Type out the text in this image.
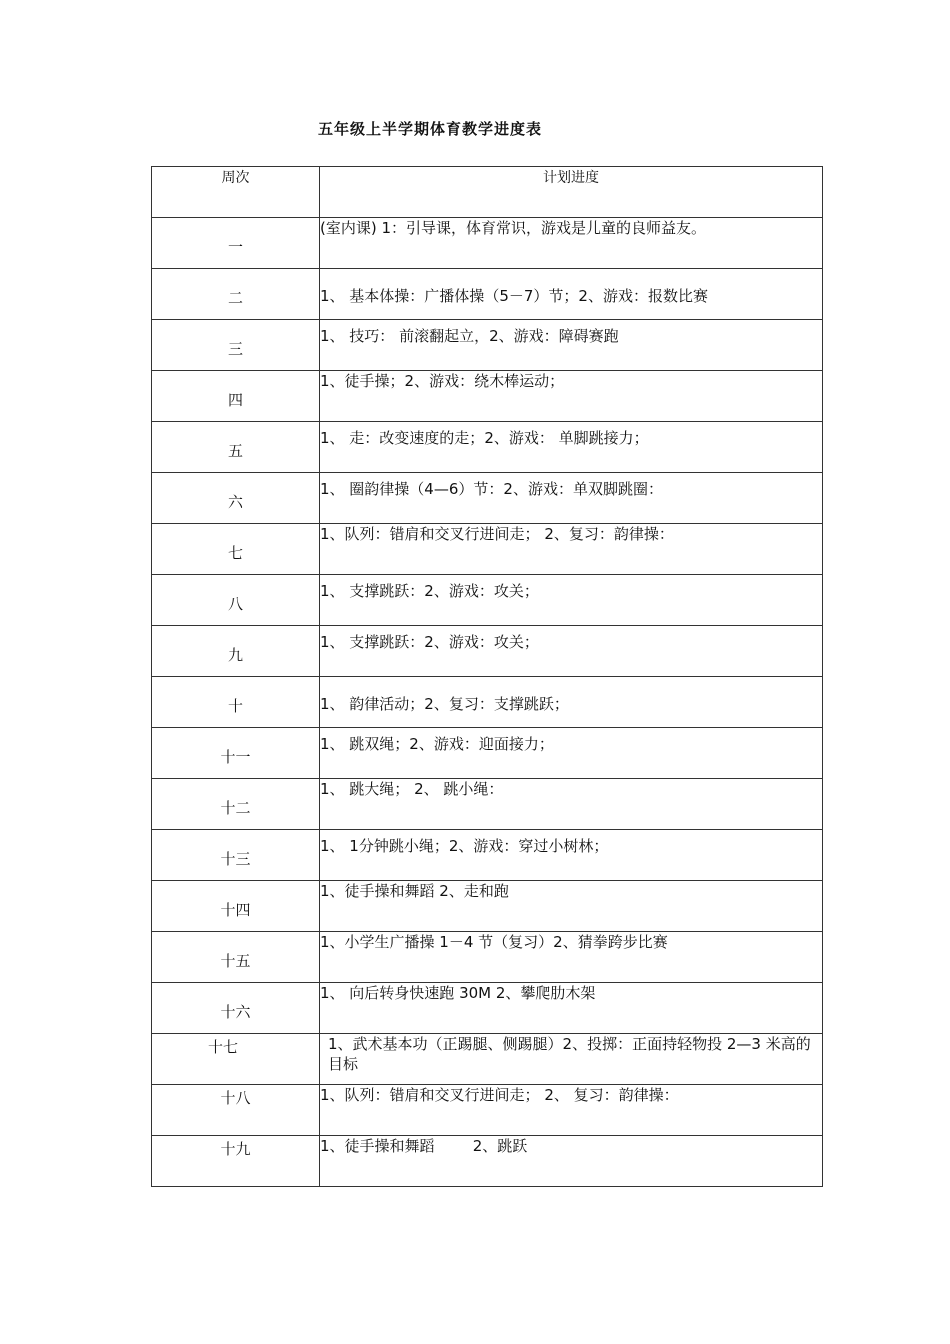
五年级上半学期体育教学进度表
周次	计划进度
一	(室内课) 1：引导课，体育常识，游戏是儿童的良师益友。
二	1、 基本体操：广播体操（5－7）节；2、游戏：报数比赛
三	1、 技巧： 前滚翻起立，2、游戏：障碍赛跑
四	1、徒手操；2、游戏：绕木棒运动；
五	1、 走：改变速度的走；2、游戏： 单脚跳接力；
六	1、 圈韵律操（4—6）节：2、游戏：单双脚跳圈：
七	1、队列：错肩和交叉行进间走； 2、复习：韵律操：
八	1、 支撑跳跃：2、游戏：攻关；
九	1、 支撑跳跃：2、游戏：攻关；
十	1、 韵律活动；2、复习：支撑跳跃；
十一	1、 跳双绳；2、游戏：迎面接力；
十二	1、 跳大绳； 2、 跳小绳：
十三	1、 1分钟跳小绳；2、游戏：穿过小树林；
十四	1、徒手操和舞蹈 2、走和跑
十五	1、小学生广播操 1－4 节（复习）2、猜拳跨步比赛
十六	1、 向后转身快速跑 30M 2、攀爬肋木架
十七	1、武术基本功（正踢腿、侧踢腿）2、投掷：正面持轻物投 2—3 米高的目标
十八	1、队列：错肩和交叉行进间走； 2、 复习：韵律操：
十九	1、徒手操和舞蹈        2、跳跃
